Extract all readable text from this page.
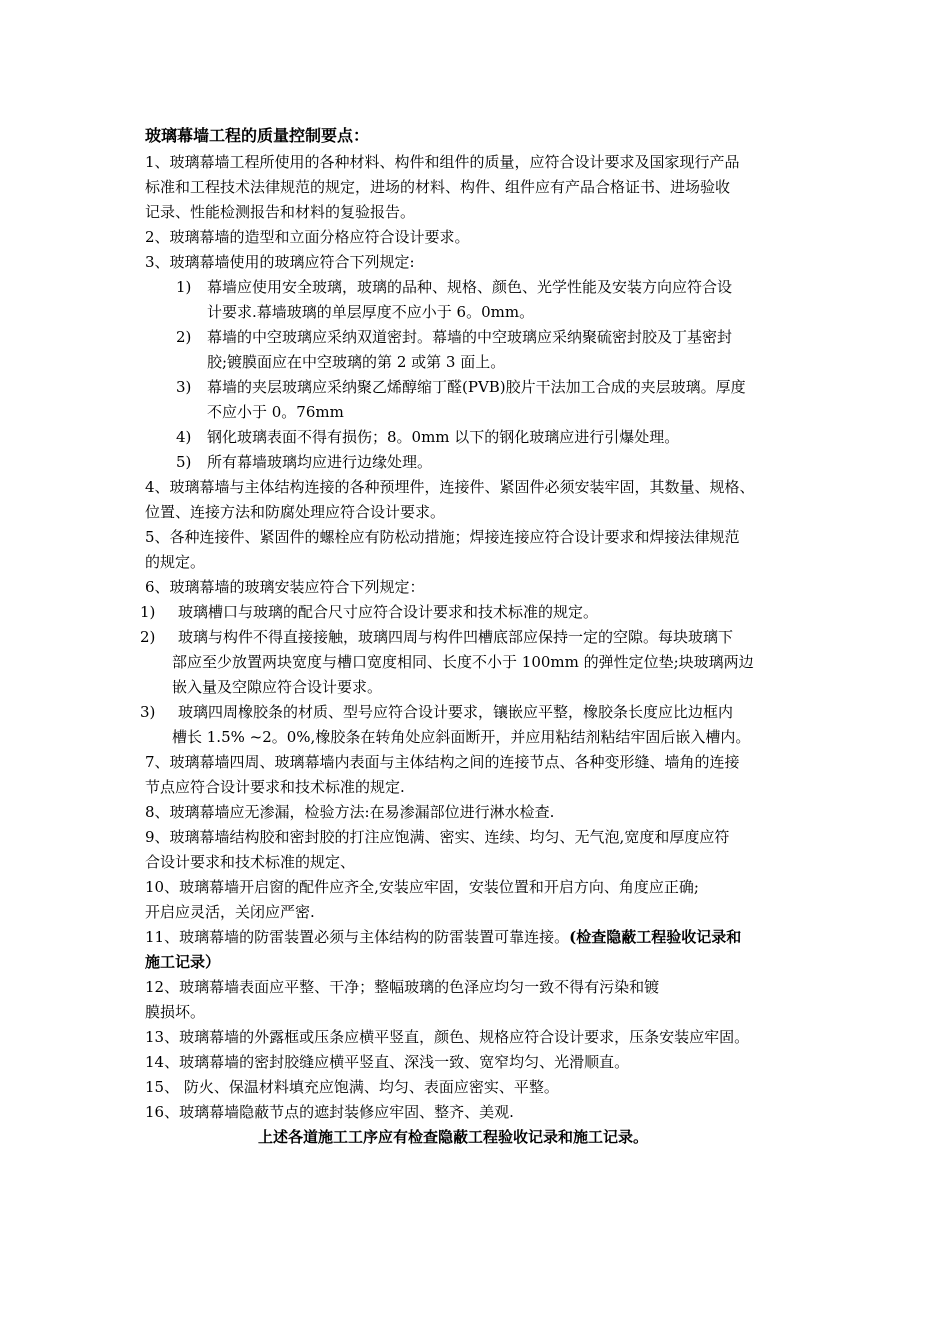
玻璃幕墙工程的质量控制要点：
1、玻璃幕墙工程所使用的各种材料、构件和组件的质量，应符合设计要求及国家现行产品
标准和工程技术法律规范的规定，进场的材料、构件、组件应有产品合格证书、进场验收
记录、性能检测报告和材料的复验报告。
2、玻璃幕墙的造型和立面分格应符合设计要求。
3、玻璃幕墙使用的玻璃应符合下列规定:
1) 幕墙应使用安全玻璃，玻璃的品种、规格、颜色、光学性能及安装方向应符合设
计要求.幕墙玻璃的单层厚度不应小于 6。0mm。
2) 幕墙的中空玻璃应采纳双道密封。幕墙的中空玻璃应采纳聚硫密封胶及丁基密封
胶;镀膜面应在中空玻璃的第 2 或第 3 面上。
3) 幕墙的夹层玻璃应采纳聚乙烯醇缩丁醛(PVB)胶片干法加工合成的夹层玻璃。厚度
不应小于 0。76mm
4) 钢化玻璃表面不得有损伤；8。0mm 以下的钢化玻璃应进行引爆处理。
5) 所有幕墙玻璃均应进行边缘处理。
4、玻璃幕墙与主体结构连接的各种预埋件，连接件、紧固件必须安装牢固，其数量、规格、
位置、连接方法和防腐处理应符合设计要求。
5、各种连接件、紧固件的螺栓应有防松动措施；焊接连接应符合设计要求和焊接法律规范
的规定。
6、玻璃幕墙的玻璃安装应符合下列规定：
1) 玻璃槽口与玻璃的配合尺寸应符合设计要求和技术标准的规定。
2) 玻璃与构件不得直接接触，玻璃四周与构件凹槽底部应保持一定的空隙。每块玻璃下
部应至少放置两块宽度与槽口宽度相同、长度不小于 100mm 的弹性定位垫;块玻璃两边
嵌入量及空隙应符合设计要求。
3) 玻璃四周橡胶条的材质、型号应符合设计要求，镶嵌应平整，橡胶条长度应比边框内
槽长 1.5% ~2。0%,橡胶条在转角处应斜面断开，并应用粘结剂粘结牢固后嵌入槽内。
7、玻璃幕墙四周、玻璃幕墙内表面与主体结构之间的连接节点、各种变形缝、墙角的连接
节点应符合设计要求和技术标准的规定.
8、玻璃幕墙应无渗漏，检验方法:在易渗漏部位进行淋水检查.
9、玻璃幕墙结构胶和密封胶的打注应饱满、密实、连续、均匀、无气泡,宽度和厚度应符
合设计要求和技术标准的规定、
10、玻璃幕墙开启窗的配件应齐全,安装应牢固，安装位置和开启方向、角度应正确;
开启应灵活，关闭应严密.
11、玻璃幕墙的防雷装置必须与主体结构的防雷装置可靠连接。(检查隐蔽工程验收记录和
施工记录）
12、玻璃幕墙表面应平整、干净；整幅玻璃的色泽应均匀一致不得有污染和镀
膜损坏。
13、玻璃幕墙的外露框或压条应横平竖直，颜色、规格应符合设计要求，压条安装应牢固。
14、玻璃幕墙的密封胶缝应横平竖直、深浅一致、宽窄均匀、光滑顺直。
15、 防火、保温材料填充应饱满、均匀、表面应密实、平整。
16、玻璃幕墙隐蔽节点的遮封装修应牢固、整齐、美观.
上述各道施工工序应有检查隐蔽工程验收记录和施工记录。
